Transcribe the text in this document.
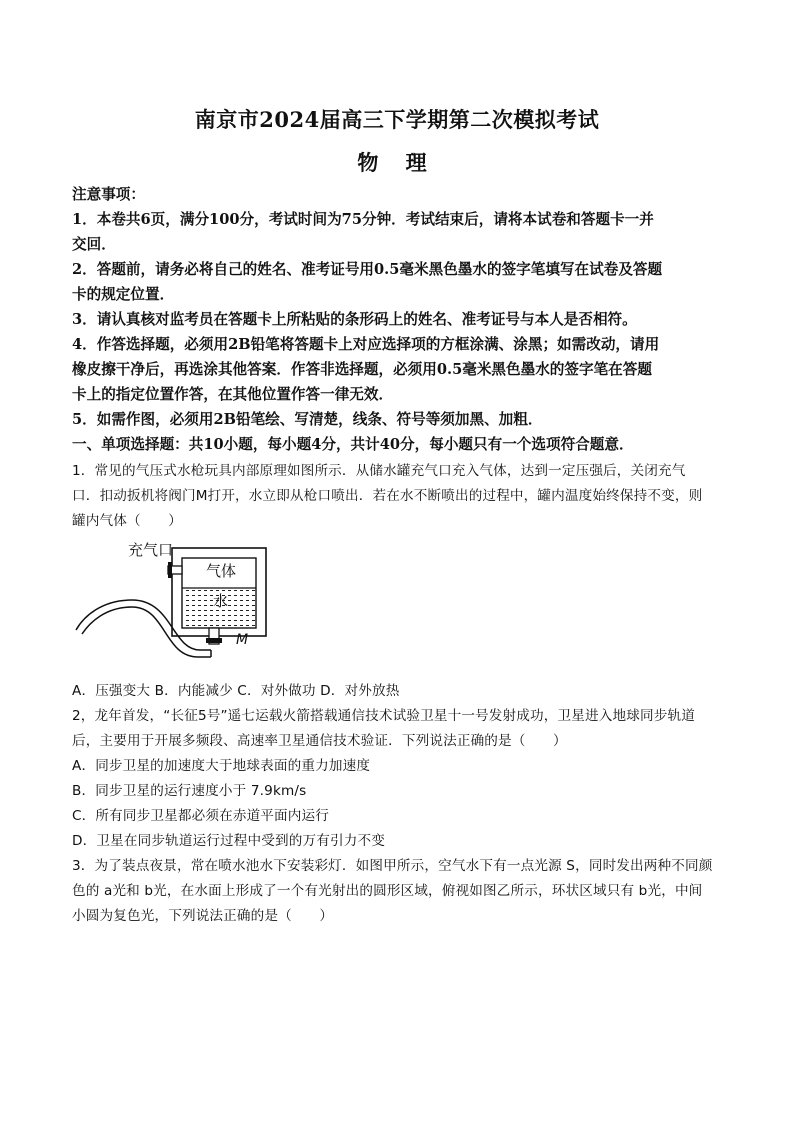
南京市2024届高三下学期第二次模拟考试
物 理
注意事项：
1．本卷共6页，满分100分，考试时间为75分钟．考试结束后，请将本试卷和答题卡一并
交回．
2．答题前，请务必将自己的姓名、准考证号用0.5毫米黑色墨水的签字笔填写在试卷及答题
卡的规定位置．
3．请认真核对监考员在答题卡上所粘贴的条形码上的姓名、准考证号与本人是否相符。
4．作答选择题，必须用2B铅笔将答题卡上对应选择项的方框涂满、涂黑；如需改动，请用
橡皮擦干净后，再选涂其他答案．作答非选择题，必须用0.5毫米黑色墨水的签字笔在答题
卡上的指定位置作答，在其他位置作答一律无效．
5．如需作图，必须用2B铅笔绘、写清楚，线条、符号等须加黑、加粗．
一、单项选择题：共10小题，每小题4分，共计40分，每小题只有一个选项符合题意．
1．常见的气压式水枪玩具内部原理如图所示．从储水罐充气口充入气体，达到一定压强后，关闭充气
口．扣动扳机将阀门M打开，水立即从枪口喷出．若在水不断喷出的过程中，罐内温度始终保持不变，则
罐内气体（　　）
充气口
气体
水
M
A．压强变大 B．内能减少 C．对外做功 D．对外放热
2，龙年首发，“长征5号”遥七运载火箭搭载通信技术试验卫星十一号发射成功，卫星进入地球同步轨道
后，主要用于开展多频段、高速率卫星通信技术验证．下列说法正确的是（　　）
A．同步卫星的加速度大于地球表面的重力加速度
B．同步卫星的运行速度小于 7.9km/s
C．所有同步卫星都必须在赤道平面内运行
D．卫星在同步轨道运行过程中受到的万有引力不变
3．为了装点夜景，常在喷水池水下安装彩灯．如图甲所示，空气水下有一点光源 S，同时发出两种不同颜
色的 a光和 b光，在水面上形成了一个有光射出的圆形区域，俯视如图乙所示，环状区域只有 b光，中间
小圆为复色光，下列说法正确的是（　　）
